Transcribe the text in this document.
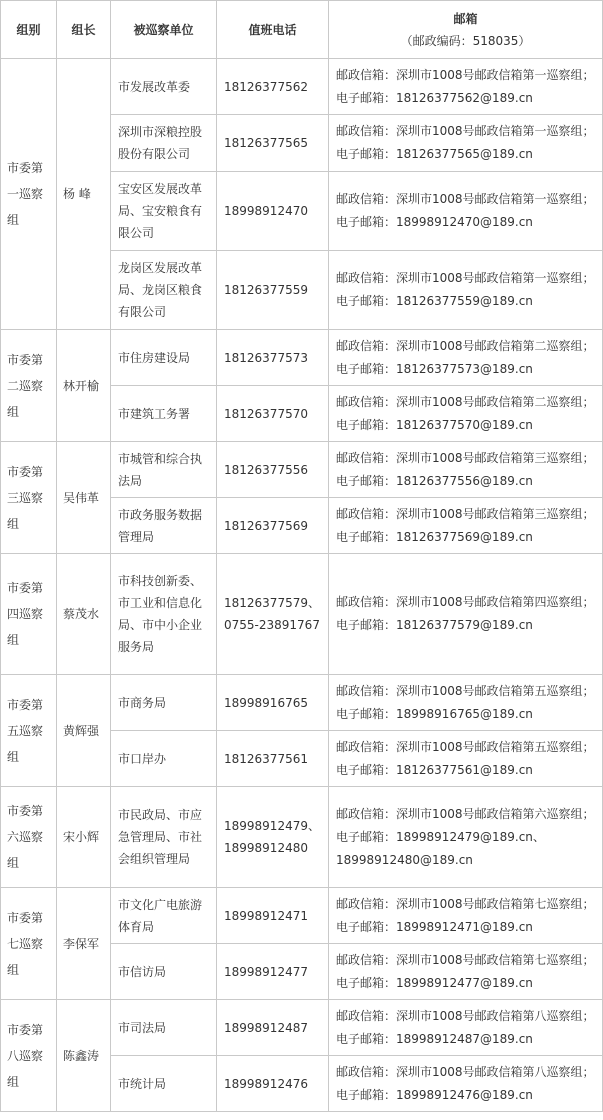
组别	组长	被巡察单位	值班电话	邮箱
（邮政编码：518035）

市委第一巡察组	杨 峰	市发展改革委	18126377562	邮政信箱：深圳市1008号邮政信箱第一巡察组；
电子邮箱：18126377562@189.cn

		深圳市深粮控股股份有限公司	18126377565	邮政信箱：深圳市1008号邮政信箱第一巡察组；
电子邮箱：18126377565@189.cn

		宝安区发展改革局、宝安粮食有限公司	18998912470	邮政信箱：深圳市1008号邮政信箱第一巡察组；
电子邮箱：18998912470@189.cn

		龙岗区发展改革局、龙岗区粮食有限公司	18126377559	邮政信箱：深圳市1008号邮政信箱第一巡察组；
电子邮箱：18126377559@189.cn

市委第二巡察组	林开榆	市住房建设局	18126377573	邮政信箱：深圳市1008号邮政信箱第二巡察组；
电子邮箱：18126377573@189.cn

		市建筑工务署	18126377570	邮政信箱：深圳市1008号邮政信箱第二巡察组；
电子邮箱：18126377570@189.cn

市委第三巡察组	吴伟革	市城管和综合执法局	18126377556	邮政信箱：深圳市1008号邮政信箱第三巡察组；
电子邮箱：18126377556@189.cn

		市政务服务数据管理局	18126377569	邮政信箱：深圳市1008号邮政信箱第三巡察组；
电子邮箱：18126377569@189.cn

市委第四巡察组	蔡茂水	市科技创新委、市工业和信息化局、市中小企业服务局	18126377579、0755-23891767	邮政信箱：深圳市1008号邮政信箱第四巡察组；
电子邮箱：18126377579@189.cn

市委第五巡察组	黄辉强	市商务局	18998916765	邮政信箱：深圳市1008号邮政信箱第五巡察组；
电子邮箱：18998916765@189.cn

		市口岸办	18126377561	邮政信箱：深圳市1008号邮政信箱第五巡察组；
电子邮箱：18126377561@189.cn

市委第六巡察组	宋小辉	市民政局、市应急管理局、市社会组织管理局	18998912479、18998912480	邮政信箱：深圳市1008号邮政信箱第六巡察组；
电子邮箱：18998912479@189.cn、
18998912480@189.cn

市委第七巡察组	李保军	市文化广电旅游体育局	18998912471	邮政信箱：深圳市1008号邮政信箱第七巡察组；
电子邮箱：18998912471@189.cn

		市信访局	18998912477	邮政信箱：深圳市1008号邮政信箱第七巡察组；
电子邮箱：18998912477@189.cn

市委第八巡察组	陈鑫涛	市司法局	18998912487	邮政信箱：深圳市1008号邮政信箱第八巡察组；
电子邮箱：18998912487@189.cn

		市统计局	18998912476	邮政信箱：深圳市1008号邮政信箱第八巡察组；
电子邮箱：18998912476@189.cn
